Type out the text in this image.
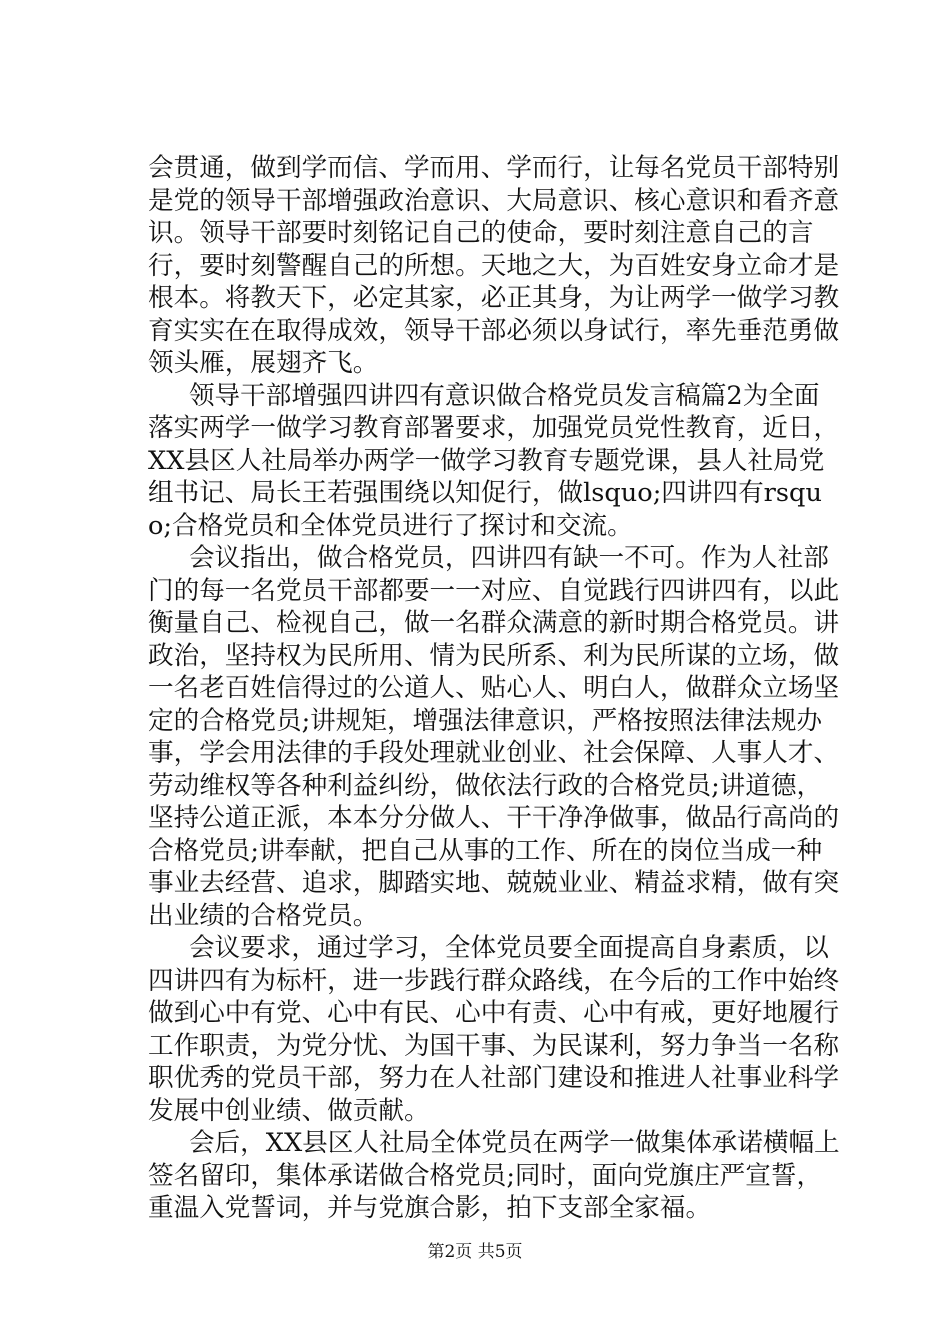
会贯通，做到学而信、学而用、学而行，让每名党员干部特别是党的领导干部增强政治意识、大局意识、核心意识和看齐意识。领导干部要时刻铭记自己的使命，要时刻注意自己的言行，要时刻警醒自己的所想。天地之大，为百姓安身立命才是根本。将教天下，必定其家，必正其身，为让两学一做学习教育实实在在取得成效，领导干部必须以身试行，率先垂范勇做领头雁，展翅齐飞。

领导干部增强四讲四有意识做合格党员发言稿篇2为全面落实两学一做学习教育部署要求，加强党员党性教育，近日，XX县区人社局举办两学一做学习教育专题党课，县人社局党组书记、局长王若强围绕以知促行，做lsquo;四讲四有rsquo;合格党员和全体党员进行了探讨和交流。

会议指出，做合格党员，四讲四有缺一不可。作为人社部门的每一名党员干部都要一一对应、自觉践行四讲四有，以此衡量自己、检视自己，做一名群众满意的新时期合格党员。讲政治，坚持权为民所用、情为民所系、利为民所谋的立场，做一名老百姓信得过的公道人、贴心人、明白人，做群众立场坚定的合格党员;讲规矩，增强法律意识，严格按照法律法规办事，学会用法律的手段处理就业创业、社会保障、人事人才、劳动维权等各种利益纠纷，做依法行政的合格党员;讲道德，坚持公道正派，本本分分做人、干干净净做事，做品行高尚的合格党员;讲奉献，把自己从事的工作、所在的岗位当成一种事业去经营、追求，脚踏实地、兢兢业业、精益求精，做有突出业绩的合格党员。

会议要求，通过学习，全体党员要全面提高自身素质，以四讲四有为标杆，进一步践行群众路线，在今后的工作中始终做到心中有党、心中有民、心中有责、心中有戒，更好地履行工作职责，为党分忧、为国干事、为民谋利，努力争当一名称职优秀的党员干部，努力在人社部门建设和推进人社事业科学发展中创业绩、做贡献。

会后，XX县区人社局全体党员在两学一做集体承诺横幅上签名留印，集体承诺做合格党员;同时，面向党旗庄严宣誓，重温入党誓词，并与党旗合影，拍下支部全家福。

第2页 共5页
